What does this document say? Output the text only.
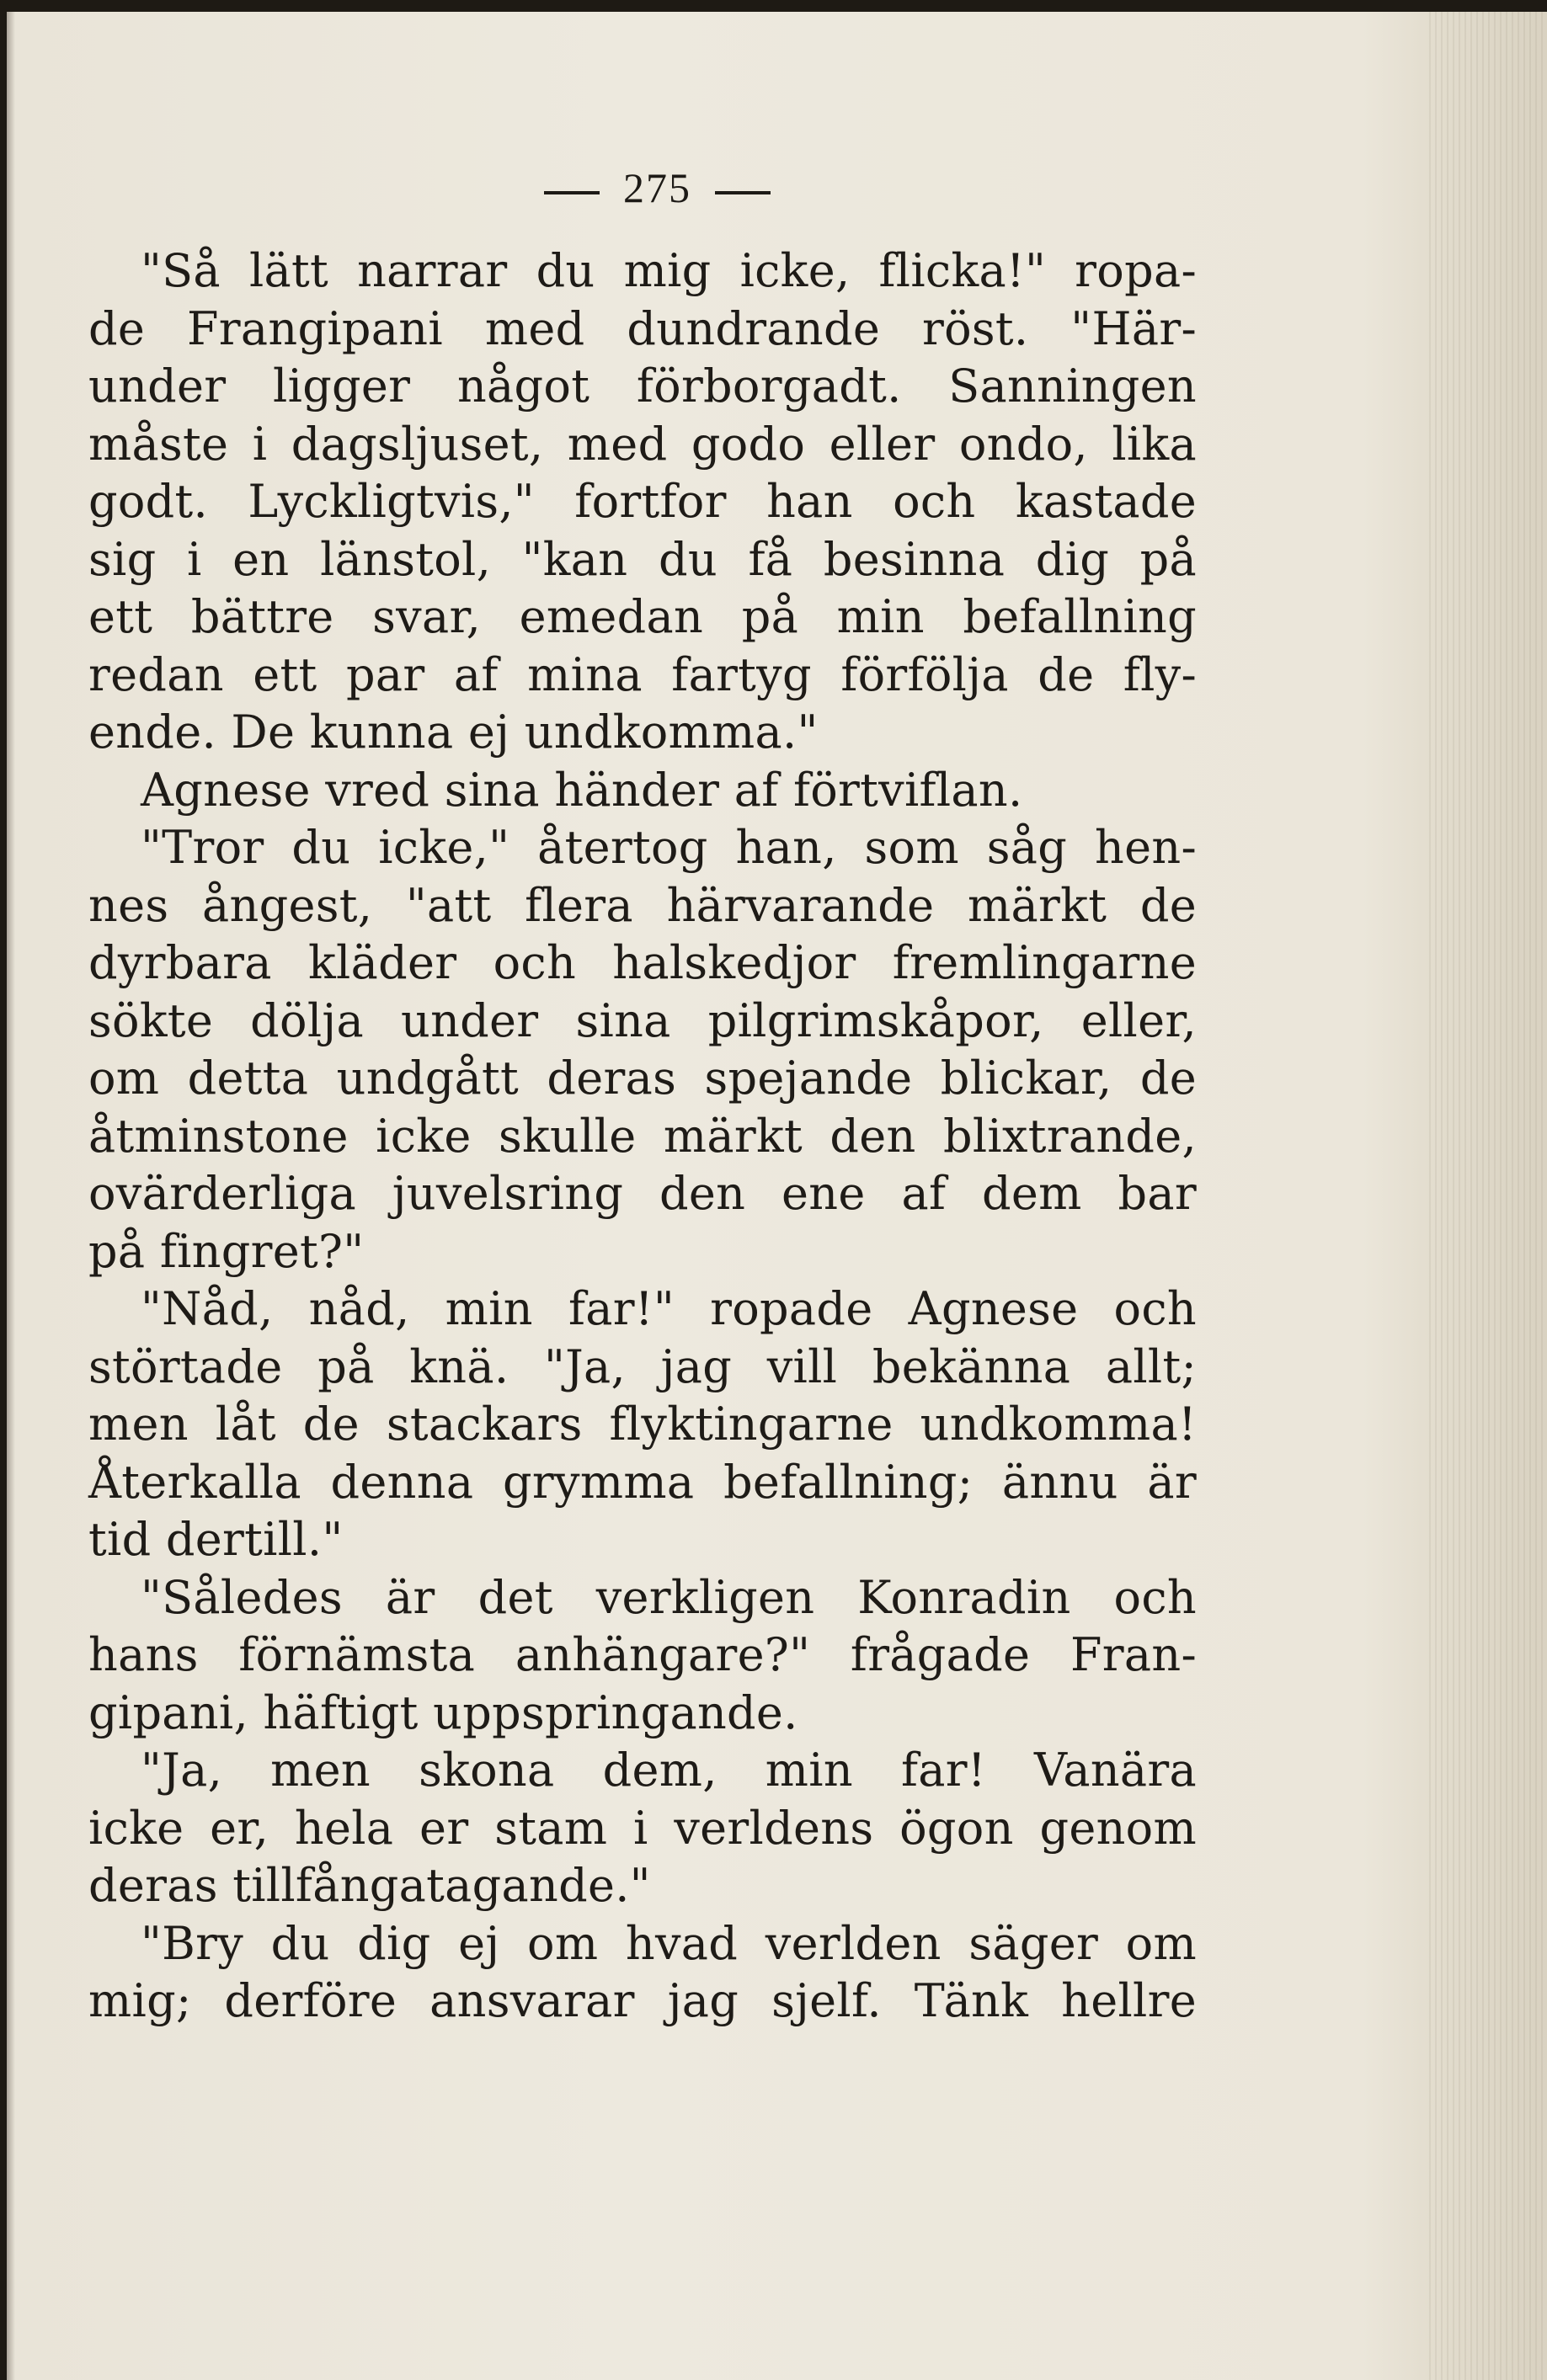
275
"Så lätt narrar du mig icke, flicka!" ropa-
de Frangipani med dundrande röst. "Här-
under ligger något förborgadt. Sanningen
måste i dagsljuset, med godo eller ondo, lika
godt. Lyckligtvis," fortfor han och kastade
sig i en länstol, "kan du få besinna dig på
ett bättre svar, emedan på min befallning
redan ett par af mina fartyg förfölja de fly-
ende. De kunna ej undkomma."
Agnese vred sina händer af förtviflan.
"Tror du icke," återtog han, som såg hen-
nes ångest, "att flera härvarande märkt de
dyrbara kläder och halskedjor fremlingarne
sökte dölja under sina pilgrimskåpor, eller,
om detta undgått deras spejande blickar, de
åtminstone icke skulle märkt den blixtrande,
ovärderliga juvelsring den ene af dem bar
på fingret?"
"Nåd, nåd, min far!" ropade Agnese och
störtade på knä. "Ja, jag vill bekänna allt;
men låt de stackars flyktingarne undkomma!
Återkalla denna grymma befallning; ännu är
tid dertill."
"Således är det verkligen Konradin och
hans förnämsta anhängare?" frågade Fran-
gipani, häftigt uppspringande.
"Ja, men skona dem, min far! Vanära
icke er, hela er stam i verldens ögon genom
deras tillfångatagande."
"Bry du dig ej om hvad verlden säger om
mig; derföre ansvarar jag sjelf. Tänk hellre
